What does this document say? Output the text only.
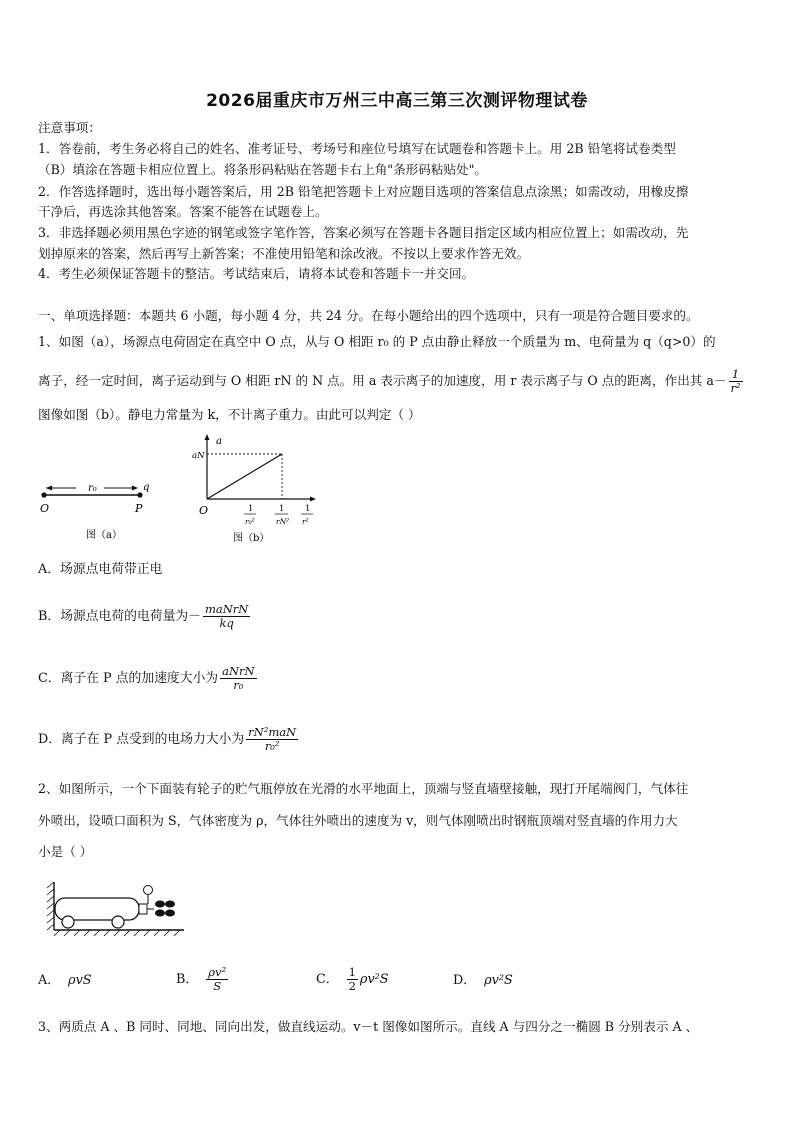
2026届重庆市万州三中高三第三次测评物理试卷
注意事项：
1．答卷前，考生务必将自己的姓名、准考证号、考场号和座位号填写在试题卷和答题卡上。用 2B 铅笔将试卷类型
（B）填涂在答题卡相应位置上。将条形码粘贴在答题卡右上角"条形码粘贴处"。
2．作答选择题时，选出每小题答案后，用 2B 铅笔把答题卡上对应题目选项的答案信息点涂黑；如需改动，用橡皮擦
干净后，再选涂其他答案。答案不能答在试题卷上。
3．非选择题必须用黑色字迹的钢笔或签字笔作答，答案必须写在答题卡各题目指定区域内相应位置上；如需改动，先
划掉原来的答案，然后再写上新答案；不准使用铅笔和涂改液。不按以上要求作答无效。
4．考生必须保证答题卡的整洁。考试结束后，请将本试卷和答题卡一并交回。
一、单项选择题：本题共 6 小题，每小题 4 分，共 24 分。在每小题给出的四个选项中，只有一项是符合题目要求的。
1、如图（a），场源点电荷固定在真空中 O 点，从与 O 相距 r₀ 的 P 点由静止释放一个质量为 m、电荷量为 q（q>0）的
离子，经一定时间，离子运动到与 O 相距 rN 的 N 点。用 a 表示离子的加速度，用 r 表示离子与 O 点的距离，作出其 $a- \frac{1}{\text{r²}}$
图像如图（b）。静电力常量为 k，不计离子重力。由此可以判定（ ）
r₀	q
O	P
图（a）
a
aN
O	1
r₀²
1
rN²
1
r²
图（b）
A．场源点电荷带正电
B．场源点电荷的电荷量为－ $\frac{\text{maNrN}}{kq}$
C．离子在 P 点的加速度大小为 $\frac{\text{aNrN}}{\text{r₀}}$
D．离子在 P 点受到的电场力大小为 $\frac{\text{rN²maN}}{\text{r₀²}}$
2、如图所示，一个下面装有轮子的贮气瓶停放在光滑的水平地面上，顶端与竖直墙壁接触，现打开尾端阀门，气体往
外喷出，设喷口面积为 S，气体密度为 ρ，气体往外喷出的速度为 v，则气体刚喷出时钢瓶顶端对竖直墙的作用力大
小是（ ）
A． ρvS	B． $\frac{\text{ρv²}}{S}$	C． $\frac{1}{2} \rho v^2S$	D． ρv²S
3、两质点 A 、B 同时、同地、同向出发，做直线运动。v－t 图像如图所示。直线 A 与四分之一椭圆 B 分别表示 A 、
